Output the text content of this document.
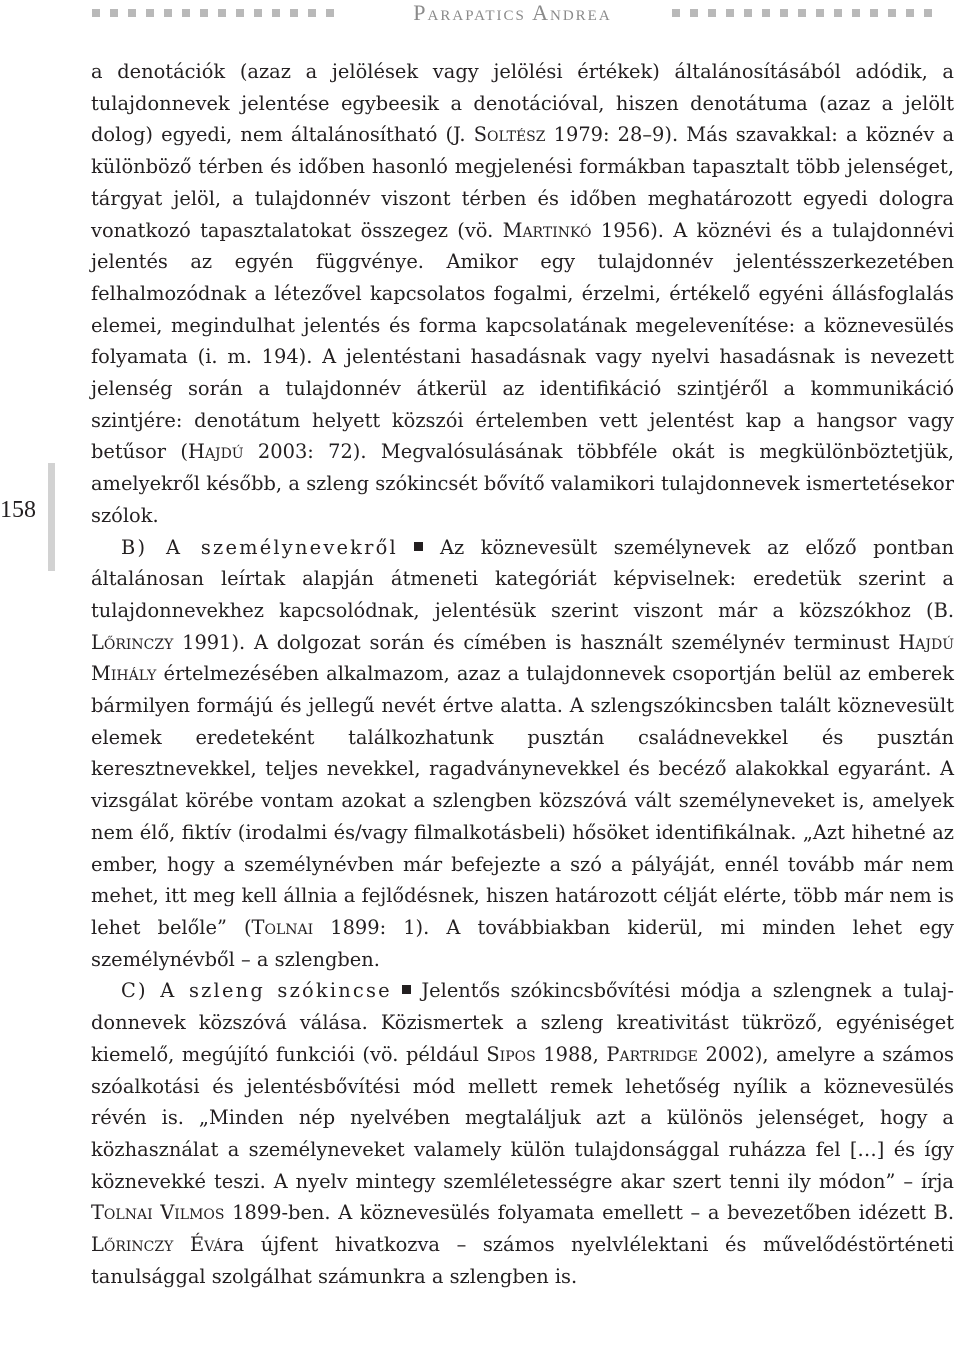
Parapatics Andrea
158

a denotációk (azaz a jelölések vagy jelölési értékek) általánosításából adódik, a tulajdonnevek jelentése egybeesik a denotációval, hiszen denotátuma (azaz a jelölt dolog) egyedi, nem általánosítható (J. Soltész 1979: 28–9). Más szavakkal: a köznév a különböző térben és időben hasonló megjelenési formákban tapasztalt több jelenséget, tárgyat jelöl, a tulajdonnév viszont térben és időben meghatározott egyedi dologra vonatkozó tapasztalatokat összegez (vö. Martinkó 1956). A köznévi és a tulajdonnévi jelentés az egyén függvénye. Amikor egy tulajdonnév jelentésszerkezetében felhalmozódnak a létezővel kapcsolatos fogalmi, érzelmi, értékelő egyéni állásfoglalás elemei, megindulhat jelentés és forma kapcsolatának megelevenítése: a köznevesülés folyamata (i. m. 194). A jelentéstani hasadásnak vagy nyelvi hasadásnak is nevezett jelenség során a tulajdonnév átkerül az identifikáció szintjéről a kommunikáció szintjére: denotátum helyett közszói értelemben vett jelentést kap a hangsor vagy betűsor (Hajdú 2003: 72). Megvalósulásának többféle okát is megkülönböztetjük, amelyekről később, a szleng szókincsét bővítő valamikori tulajdonnevek ismertetésekor szólok.

B) A személynevekről  Az köznevesült személynevek az előző pontban általánosan leírtak alapján átmeneti kategóriát képviselnek: eredetük szerint a tulajdonnevekhez kapcsolódnak, jelentésük szerint viszont már a közszókhoz (B. Lőrinczy 1991). A dolgozat során és címében is használt személynév terminust Hajdú Mihály értelmezésében alkalmazom, azaz a tulajdonnevek csoportján belül az emberek bármilyen formájú és jellegű nevét értve alatta. A szlengszókincsben talált köznevesült elemek eredeteként találkozhatunk pusztán családnevekkel és pusztán keresztnevekkel, teljes nevekkel, ragadványnevekkel és becéző alakokkal egyaránt. A vizsgálat körébe vontam azokat a szlengben közszóvá vált személyneveket is, amelyek nem élő, fiktív (irodalmi és/vagy filmalkotásbeli) hősöket identifikálnak. „Azt hihetné az ember, hogy a személynévben már befejezte a szó a pályáját, ennél tovább már nem mehet, itt meg kell állnia a fejlődésnek, hiszen határozott célját elérte, több már nem is lehet belőle” (Tolnai 1899: 1). A továbbiakban kiderül, mi minden lehet egy személynévből – a szlengben.

C) A szleng szókincse  Jelentős szókincsbővítési módja a szlengnek a tulajdonnevek közszóvá válása. Közismertek a szleng kreativitást tükröző, egyéniséget kiemelő, megújító funkciói (vö. például Sipos 1988, Partridge 2002), amelyre a számos szóalkotási és jelentésbővítési mód mellett remek lehetőség nyílik a köznevesülés révén is. „Minden nép nyelvében megtaláljuk azt a különös jelenséget, hogy a közhasználat a személyneveket valamely külön tulajdonsággal ruházza fel […] és így köznevekké teszi. A nyelv mintegy szemléletességre akar szert tenni ily módon” – írja Tolnai Vilmos 1899-ben. A köznevesülés folyamata emellett – a bevezetőben idézett B. Lőrinczy Évára újfent hivatkozva – számos nyelvlélektani és művelődéstörténeti tanulsággal szolgálhat számunkra a szlengben is.
